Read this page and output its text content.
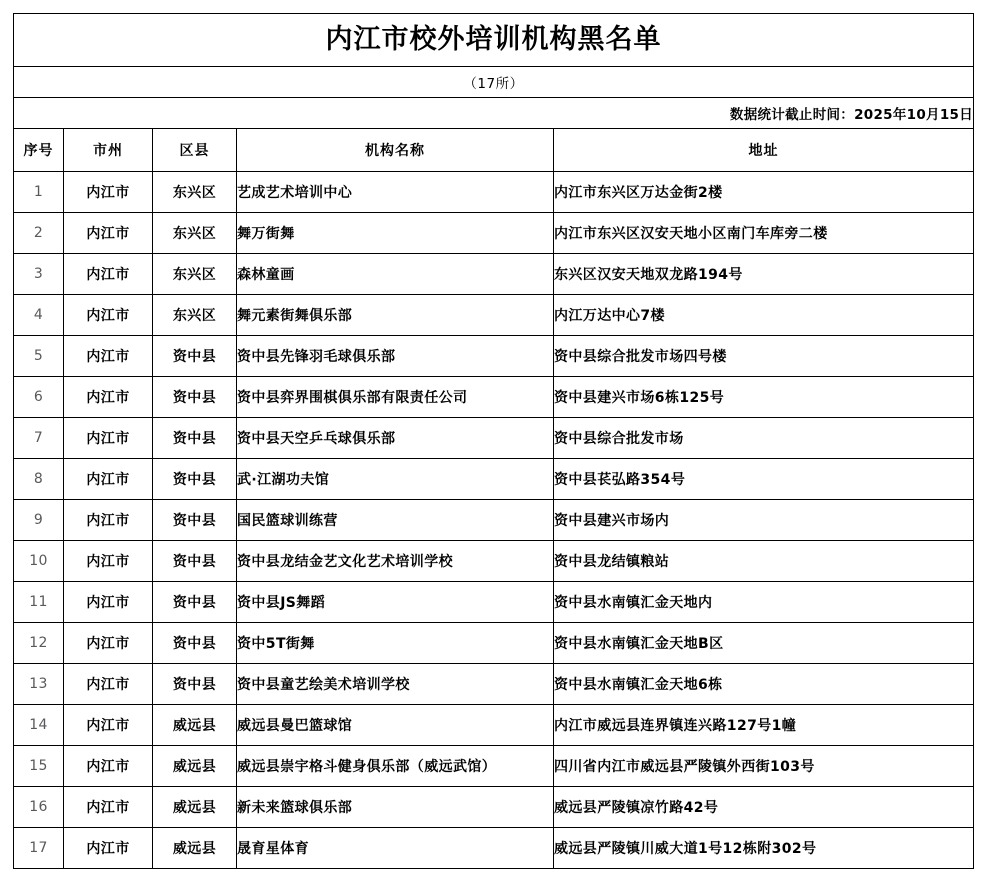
内江市校外培训机构黑名单				
（17所）				
数据统计截止时间：2025年10月15日				
序号	市州	区县	机构名称	地址
1	内江市	东兴区	艺成艺术培训中心	内江市东兴区万达金街2楼
2	内江市	东兴区	舞万街舞	内江市东兴区汉安天地小区南门车库旁二楼
3	内江市	东兴区	森林童画	东兴区汉安天地双龙路194号
4	内江市	东兴区	舞元素街舞俱乐部	内江万达中心7楼
5	内江市	资中县	资中县先锋羽毛球俱乐部	资中县综合批发市场四号楼
6	内江市	资中县	资中县弈界围棋俱乐部有限责任公司	资中县建兴市场6栋125号
7	内江市	资中县	资中县天空乒乓球俱乐部	资中县综合批发市场
8	内江市	资中县	武·江湖功夫馆	资中县苌弘路354号
9	内江市	资中县	国民篮球训练营	资中县建兴市场内
10	内江市	资中县	资中县龙结金艺文化艺术培训学校	资中县龙结镇粮站
11	内江市	资中县	资中县JS舞蹈	资中县水南镇汇金天地内
12	内江市	资中县	资中5T街舞	资中县水南镇汇金天地B区
13	内江市	资中县	资中县童艺绘美术培训学校	资中县水南镇汇金天地6栋
14	内江市	威远县	威远县曼巴篮球馆	内江市威远县连界镇连兴路127号1幢
15	内江市	威远县	威远县崇宇格斗健身俱乐部（威远武馆）	四川省内江市威远县严陵镇外西街103号
16	内江市	威远县	新未来篮球俱乐部	威远县严陵镇凉竹路42号
17	内江市	威远县	晟育星体育	威远县严陵镇川威大道1号12栋附302号
